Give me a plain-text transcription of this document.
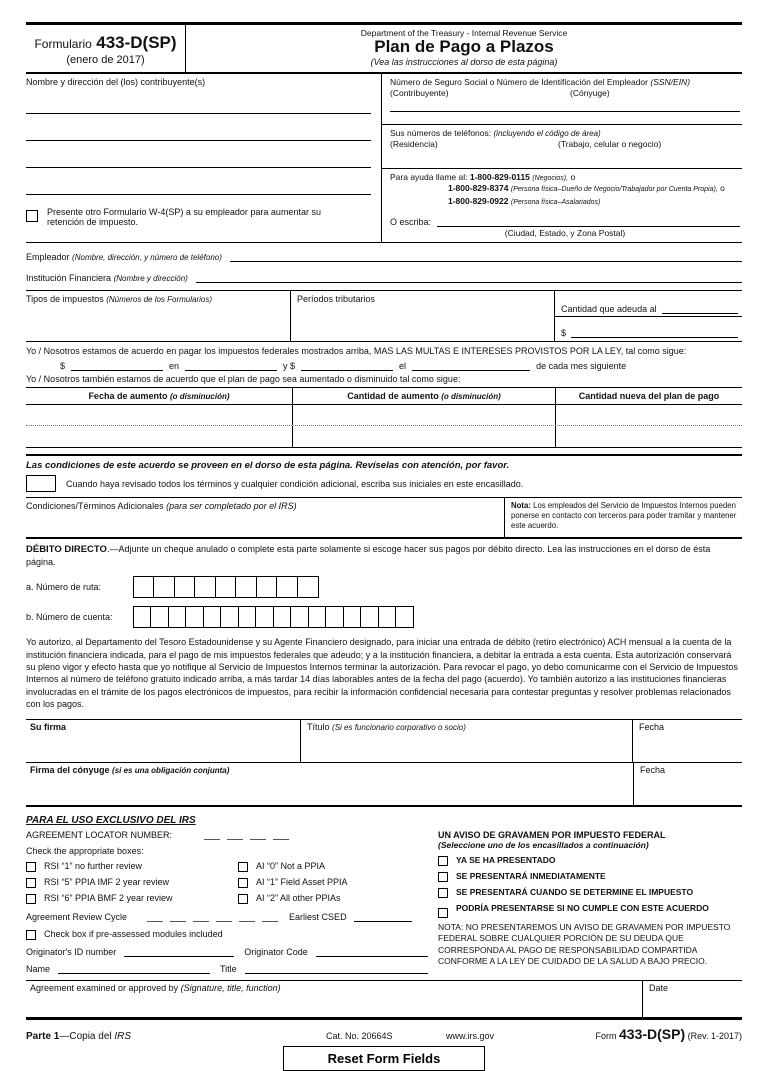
Formulario 433-D(SP)
(enero de 2017)
Department of the Treasury - Internal Revenue Service
Plan de Pago a Plazos
(Vea las instrucciones al dorso de esta página)
Nombre y dirección del (los) contribuyente(s)
Presente otro Formulario W-4(SP) a su empleador para aumentar su retención de impuesto.
Número de Seguro Social o Número de Identificación del Empleador (SSN/EIN)
(Contribuyente)	(Cónyuge)
Sus números de teléfonos: (incluyendo el código de área)
(Residencia)	(Trabajo, celular o negocio)
Para ayuda llame al: 1-800-829-0115 (Negocios), o
1-800-829-8374 (Persona física–Dueño de Negocio/Trabajador por Cuenta Propia), o
1-800-829-0922 (Persona física–Asalariados)
O escriba:
(Ciudad, Estado, y Zona Postal)
Empleador
(Nombre, dirección, y número de teléfono)
Institución Financiera
(Nombre y dirección)
Tipos de impuestos (Números de los Formularios)	Períodos tributarios
Cantidad que adeuda al
$
Yo / Nosotros estamos de acuerdo en pagar los impuestos federales mostrados arriba, MAS LAS MULTAS E INTERESES PROVISTOS POR LA LEY, tal como sigue:
$	en	y $	el	de cada mes siguiente
Yo / Nosotros también estamos de acuerdo que el plan de pago sea aumentado o disminuido tal como sigue:
Fecha de aumento (o disminución)	Cantidad de aumento (o disminución)	Cantidad nueva del plan de pago
Las condiciones de este acuerdo se proveen en el dorso de esta página. Revíselas con atención, por favor.
Cuando haya revisado todos los términos y cualquier condición adicional, escriba sus iniciales en este encasillado.
Condiciones/Términos Adicionales (para ser completado por el IRS)	Nota: Los empleados del Servicio de Impuestos Internos pueden ponerse en contacto con terceros para poder tramitar y mantener este acuerdo.
DÉBITO DIRECTO.—Adjunte un cheque anulado o complete esta parte solamente si escoge hacer sus pagos por débito directo. Lea las instrucciones en el dorso de ésta página.
a. Número de ruta:
b. Número de cuenta:
Yo autorizo, al Departamento del Tesoro Estadounidense y su Agente Financiero designado, para iniciar una entrada de débito (retiro electrónico) ACH mensual a la cuenta de la institución financiera indicada, para el pago de mis impuestos federales que adeudo; y a la institución financiera, a debitar la entrada a esta cuenta. Esta autorización conservará su pleno vigor y efecto hasta que yo notifique al Servicio de Impuestos Internos terminar la autorización. Para revocar el pago, yo debo comunicarme con el Servicio de Impuestos Internos al número de teléfono gratuito indicado arriba, a más tardar 14 días laborables antes de la fecha del pago (acuerdo). Yo también autorizo a las instituciones financieras involucradas en el trámite de los pagos electrónicos de impuestos, para recibir la información confidencial necesaria para contestar preguntas y resolver problemas relacionados con los pagos.
Su firma	Título (Si es funcionario corporativo o socio)	Fecha
Firma del cónyuge (si es una obligación conjunta)	Fecha
PARA EL USO EXCLUSIVO DEL IRS
AGREEMENT LOCATOR NUMBER:
Check the appropriate boxes:
RSI “1” no further review	AI “0” Not a PPIA
RSI “5” PPIA IMF 2 year review	AI “1” Field Asset PPIA
RSI “6” PPIA BMF 2 year review	AI “2” All other PPIAs
Agreement Review Cycle	Earliest CSED
Check box if pre-assessed modules included
Originator's ID number	Originator Code
Name	Title
UN AVISO DE GRAVAMEN POR IMPUESTO FEDERAL
(Seleccione uno de los encasillados a continuación)
YA SE HA PRESENTADO
SE PRESENTARÁ INMEDIATAMENTE
SE PRESENTARÁ CUANDO SE DETERMINE EL IMPUESTO
PODRÍA PRESENTARSE SI NO CUMPLE CON ESTE ACUERDO
NOTA: NO PRESENTAREMOS UN AVISO DE GRAVAMEN POR IMPUESTO FEDERAL SOBRE CUALQUIER PORCIÓN DE SU DEUDA QUE CORRESPONDA AL PAGO DE RESPONSABILIDAD COMPARTIDA CONFORME A LA LEY DE CUIDADO DE LA SALUD A BAJO PRECIO.
Agreement examined or approved by (Signature, title, function)	Date
Parte 1—Copia del IRS	Cat. No. 20664S	www.irs.gov	Form 433-D(SP) (Rev. 1-2017)
Reset Form Fields
